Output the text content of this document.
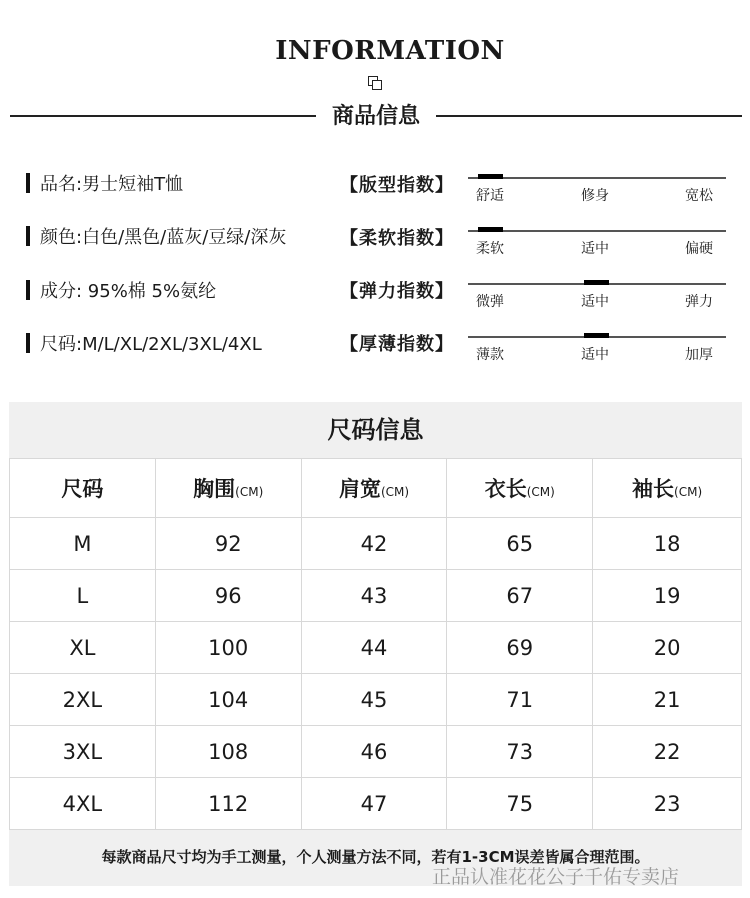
INFORMATION
商品信息
品名:男士短袖T恤
颜色:白色/黑色/蓝灰/豆绿/深灰
成分: 95%棉 5%氨纶
尺码:M/L/XL/2XL/3XL/4XL
【版型指数】
【柔软指数】
【弹力指数】
【厚薄指数】
舒适	修身	宽松
柔软	适中	偏硬
微弹	适中	弹力
薄款	适中	加厚
尺码信息
尺码	胸围(CM)	肩宽(CM)	衣长(CM)	袖长(CM)
M	92	42	65	18
L	96	43	67	19
XL	100	44	69	20
2XL	104	45	71	21
3XL	108	46	73	22
4XL	112	47	75	23
每款商品尺寸均为手工测量，个人测量方法不同，若有1-3CM误差皆属合理范围。
正品认准花花公子千佑专卖店
